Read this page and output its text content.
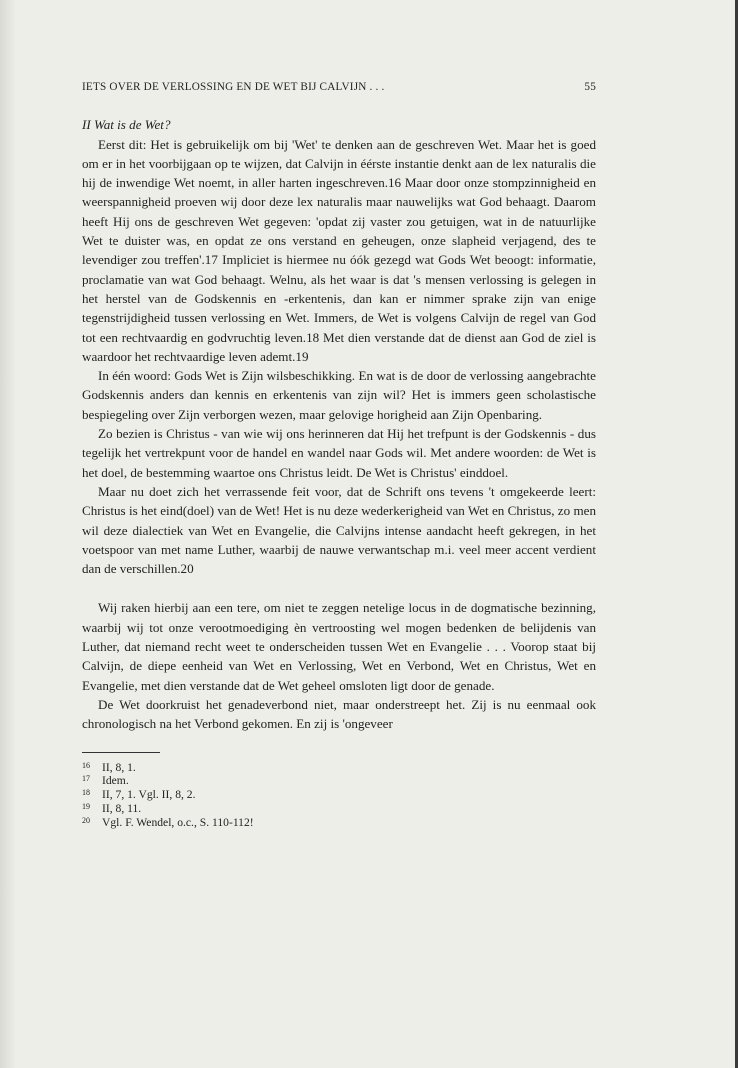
IETS OVER DE VERLOSSING EN DE WET BIJ CALVIJN . . .	55
II Wat is de Wet?

Eerst dit: Het is gebruikelijk om bij 'Wet' te denken aan de geschreven Wet. Maar het is goed om er in het voorbijgaan op te wijzen, dat Calvijn in éérste instantie denkt aan de lex naturalis die hij de inwendige Wet noemt, in aller harten ingeschreven.16 Maar door onze stompzinnigheid en weerspannigheid proeven wij door deze lex naturalis maar nauwelijks wat God behaagt. Daarom heeft Hij ons de geschreven Wet gegeven: 'opdat zij vaster zou getuigen, wat in de natuurlijke Wet te duister was, en opdat ze ons verstand en geheugen, onze slapheid verjagend, des te levendiger zou treffen'.17 Impliciet is hiermee nu óók gezegd wat Gods Wet beoogt: informatie, proclamatie van wat God behaagt. Welnu, als het waar is dat 's mensen verlossing is gelegen in het herstel van de Godskennis en -erkentenis, dan kan er nimmer sprake zijn van enige tegenstrijdigheid tussen verlossing en Wet. Immers, de Wet is volgens Calvijn de regel van God tot een rechtvaardig en godvruchtig leven.18 Met dien verstande dat de dienst aan God de ziel is waardoor het rechtvaardige leven ademt.19

In één woord: Gods Wet is Zijn wilsbeschikking. En wat is de door de verlossing aangebrachte Godskennis anders dan kennis en erkentenis van zijn wil? Het is immers geen scholastische bespiegeling over Zijn verborgen wezen, maar gelovige horigheid aan Zijn Openbaring.

Zo bezien is Christus - van wie wij ons herinneren dat Hij het trefpunt is der Godskennis - dus tegelijk het vertrekpunt voor de handel en wandel naar Gods wil. Met andere woorden: de Wet is het doel, de bestemming waartoe ons Christus leidt. De Wet is Christus' einddoel.

Maar nu doet zich het verrassende feit voor, dat de Schrift ons tevens 't omgekeerde leert: Christus is het eind(doel) van de Wet! Het is nu deze wederkerigheid van Wet en Christus, zo men wil deze dialectiek van Wet en Evangelie, die Calvijns intense aandacht heeft gekregen, in het voetspoor van met name Luther, waarbij de nauwe verwantschap m.i. veel meer accent verdient dan de verschillen.20

Wij raken hierbij aan een tere, om niet te zeggen netelige locus in de dogmatische bezinning, waarbij wij tot onze verootmoediging èn vertroosting wel mogen bedenken de belijdenis van Luther, dat niemand recht weet te onderscheiden tussen Wet en Evangelie . . . Voorop staat bij Calvijn, de diepe eenheid van Wet en Verlossing, Wet en Verbond, Wet en Christus, Wet en Evangelie, met dien verstande dat de Wet geheel omsloten ligt door de genade.

De Wet doorkruist het genadeverbond niet, maar onderstreept het. Zij is nu eenmaal ook chronologisch na het Verbond gekomen. En zij is 'ongeveer

16	II, 8, 1.
17	Idem.
18	II, 7, 1. Vgl. II, 8, 2.
19	II, 8, 11.
20	Vgl. F. Wendel, o.c., S. 110-112!
